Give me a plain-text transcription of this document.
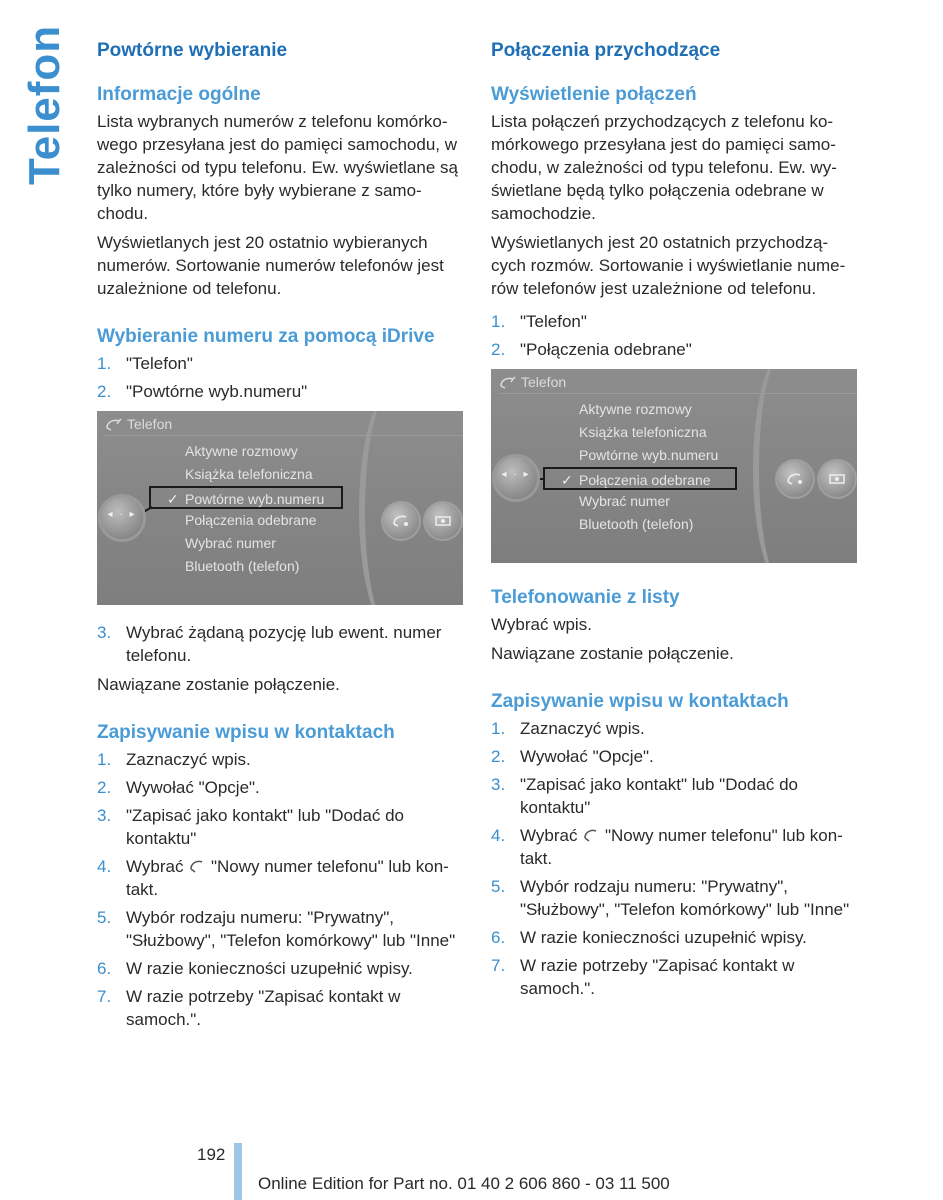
Telefon Powtórne wybieranie
Informacje ogólne

Lista wybranych numerów z telefonu komórko-wego przesyłana jest do pamięci samochodu, w zależności od typu telefonu. Ew. wyświetlane są tylko numery, które były wybierane z samo-chodu.

Wyświetlanych jest 20 ostatnio wybieranych numerów. Sortowanie numerów telefonów jest uzależnione od telefonu.

Wybieranie numeru za pomocą iDrive
1. "Telefon"
2. "Powtórne wyb.numeru"
Telefon
Aktywne rozmowy
Książka telefoniczna
✓ Powtórne wyb.numeru
Połączenia odebrane
Wybrać numer
Bluetooth (telefon)
◂ · ▸
3. Wybrać żądaną pozycję lub ewent. numer telefonu.

Nawiązane zostanie połączenie.

Zapisywanie wpisu w kontaktach
1. Zaznaczyć wpis.
2. Wywołać "Opcje".
3. "Zapisać jako kontakt" lub "Dodać do kontaktu"
4. Wybrać "Nowy numer telefonu" lub kon-takt.
5. Wybór rodzaju numeru: "Prywatny", "Służbowy", "Telefon komórkowy" lub "Inne"
6. W razie konieczności uzupełnić wpisy.
7. W razie potrzeby "Zapisać kontakt w samoch.".
Połączenia przychodzące
Wyświetlenie połączeń

Lista połączeń przychodzących z telefonu ko-mórkowego przesyłana jest do pamięci samo-chodu, w zależności od typu telefonu. Ew. wy-świetlane będą tylko połączenia odebrane w samochodzie.

Wyświetlanych jest 20 ostatnich przychodzą-cych rozmów. Sortowanie i wyświetlanie nume-rów telefonów jest uzależnione od telefonu.

1. "Telefon"
2. "Połączenia odebrane"
Telefon
Aktywne rozmowy
Książka telefoniczna
Powtórne wyb.numeru
✓ Połączenia odebrane
Wybrać numer
Bluetooth (telefon)
◂ · ▸
Telefonowanie z listy

Wybrać wpis.

Nawiązane zostanie połączenie.

Zapisywanie wpisu w kontaktach
1. Zaznaczyć wpis.
2. Wywołać "Opcje".
3. "Zapisać jako kontakt" lub "Dodać do kontaktu"
4. Wybrać "Nowy numer telefonu" lub kon-takt.
5. Wybór rodzaju numeru: "Prywatny", "Służbowy", "Telefon komórkowy" lub "Inne"
6. W razie konieczności uzupełnić wpisy.
7. W razie potrzeby "Zapisać kontakt w samoch.".
192
Online Edition for Part no. 01 40 2 606 860 - 03 11 500
